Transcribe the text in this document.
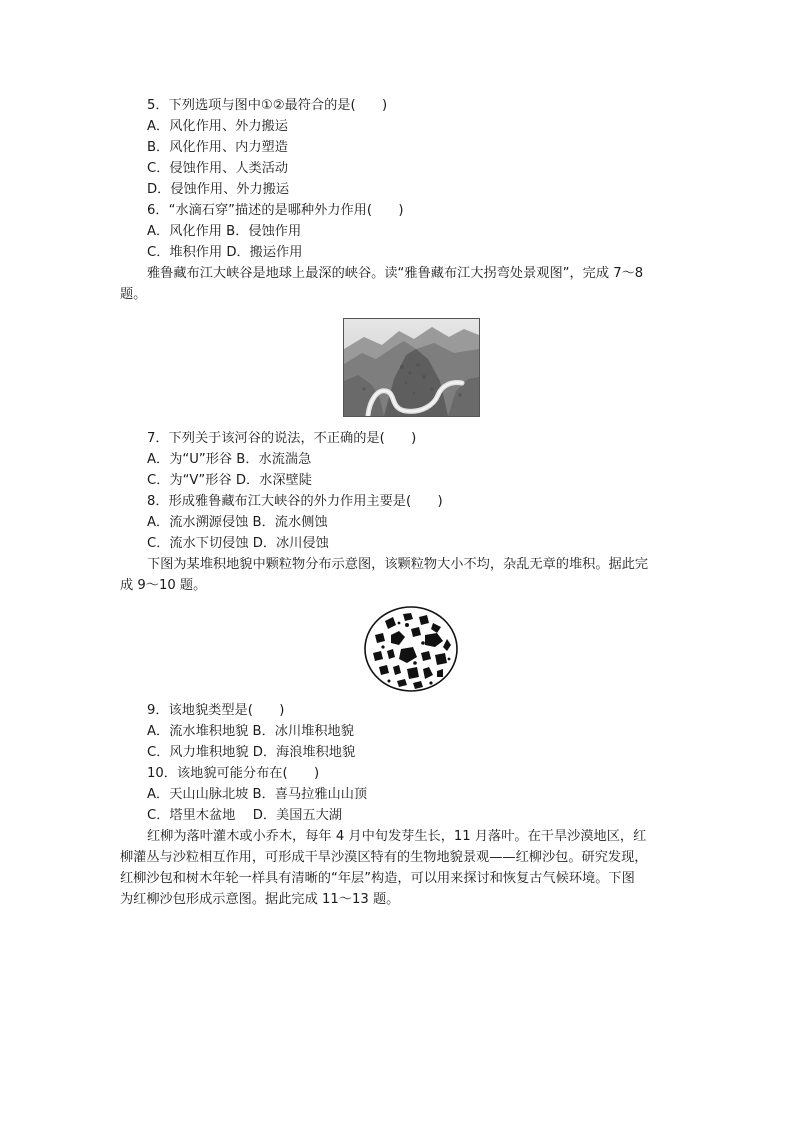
5．下列选项与图中①②最符合的是(　　)
A．风化作用、外力搬运
B．风化作用、内力塑造
C．侵蚀作用、人类活动
D．侵蚀作用、外力搬运
6．“水滴石穿”描述的是哪种外力作用(　　)
A．风化作用 B．侵蚀作用
C．堆积作用 D．搬运作用
雅鲁藏布江大峡谷是地球上最深的峡谷。读“雅鲁藏布江大拐弯处景观图”，完成 7～8
题。
7．下列关于该河谷的说法，不正确的是(　　)
A．为“U”形谷 B．水流湍急
C．为“V”形谷 D．水深壁陡
8．形成雅鲁藏布江大峡谷的外力作用主要是(　　)
A．流水溯源侵蚀 B．流水侧蚀
C．流水下切侵蚀 D．冰川侵蚀
下图为某堆积地貌中颗粒物分布示意图，该颗粒物大小不均，杂乱无章的堆积。据此完
成 9～10 题。
9．该地貌类型是(　　)
A．流水堆积地貌 B．冰川堆积地貌
C．风力堆积地貌 D．海浪堆积地貌
10．该地貌可能分布在(　　)
A．天山山脉北坡 B．喜马拉雅山山顶
C．塔里木盆地　 D．美国五大湖
红柳为落叶灌木或小乔木，每年 4 月中旬发芽生长，11 月落叶。在干旱沙漠地区，红
柳灌丛与沙粒相互作用，可形成干旱沙漠区特有的生物地貌景观——红柳沙包。研究发现，
红柳沙包和树木年轮一样具有清晰的“年层”构造，可以用来探讨和恢复古气候环境。下图
为红柳沙包形成示意图。据此完成 11～13 题。
